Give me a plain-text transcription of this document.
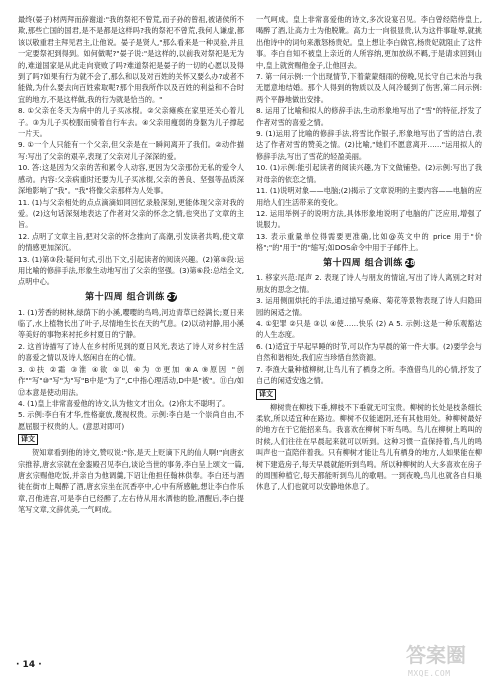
最终(晏子)材两拜而辞谢道:"我的祭祀不曾荒,而子孙的曾祖,被诸侯所不欺,那些亡国的国君,是不是都是这样吗?我的祭祀不曾荒,我何人谦虚,都该以敬重君主拜见君主,让他说。晏子是贤人,"那么看来是一种灵验,并且一定要祭祀到得到。如何做呢?"晏子说:"是这样的,以前我对祭祀是无为的,难道国家是从此走向衰败了吗?难道祭祀是晏子的一切的心愿以及得到了吗?如果有行为就不会了,那么和以及对百姓的关怀又要么办?或者不能做,为什么要去向百姓索取呢?那个用我所作以及百姓的利益和不合时宜的地方,不是这样做,我的行为就是恰当的。"

8. ①父亲在冬天为病中的儿子买冰棍。②父亲瘫痪在家里还关心着儿子。③为儿子买校服而骑着自行车去。④父亲用瘦弱的身躯为儿子撑起一片天。

9. ①一个人只能有一个父亲,但父亲是在一瞬间离开了我们。②动作描写:写出了父亲的艰辛,表现了父亲对儿子深深的爱。

10. 答:这是因为父亲的苦和累令人动容,更因为父亲那份无私的爱令人感动。内容:父亲病重时还要为儿子买冰棍,父亲的善良、坚强等品质深深地影响了"我"。"我"将像父亲那样为人处事。

11. (1)与父亲相处的点点滴滴如同回忆录般深刻,更能体现父亲对我的爱。(2)这句话深刻地表达了作者对父亲的怀念之情,也突出了文章的主旨。

12. 点明了文章主旨,把对父亲的怀念推向了高潮,引发读者共鸣,使文章的情感更加深沉。

13. (1)第③段:疑问句式,引出下文,引起读者的阅读兴趣。(2)第⑤段:运用比喻的修辞手法,形象生动地写出了父亲的坚强。(3)第⑥段:总结全文,点明中心。

第十四周 组合训练 27

1. (1)芳香的树林,绿荫下的小溪,嘤嘤的鸟鸣,河边青草已经满长;夏日来临了,水上植物长出了叶子,尽情地生长在天的气息。(2)以动衬静,用小溪等美好的事物来衬托乡村夏日的宁静。

2. 这首诗描写了诗人在乡村所见到的夏日风光,表达了诗人对乡村生活的喜爱之情以及诗人悠闲自在的心情。

3. ①扶 ②霜 ③淮 ④欲 ⑤以 ⑥为 ⑦更加 ⑧A ⑨原因 "创作""写"⑩"写"为"写"B中是"为了",C中指心理活动,D中是"被"。⑪白/如⑫本意是使动用法。

4. (1)皇上非常喜爱他的诗文,认为他文才出众。(2)你太不聪明了。

5. 示例:李白有才华,性格豪放,蔑视权贵。示例:李白是一个崇尚自由,不愿屈服于权贵的人。(意思对即可)

译文

贺知章看到他的诗文,赞叹说:"你,是天上贬谪下凡的仙人啊!"向唐玄宗推荐,唐玄宗就在金銮殿召见李白,谈论当世的事务,李白呈上颂文一篇,唐玄宗赐他吃饭,并亲自为他调羹,下诏让他担任翰林供奉。李白还与酒徒在街市上喝醉了酒,唐玄宗坐在沉香亭中,心中有所感触,想让李白作乐章,召他进宫,可是李白已经醉了,左右侍从用水洒他的脸,酒醒后,李白提笔写文章,文辞优美,一气呵成。

一气呵成。皇上非常喜爱他的诗文,多次设宴召见。李白曾经陪侍皇上,喝醉了酒,让高力士为他脱靴。高力士一向很显贵,认为这件事耻辱,就挑出他诗中的词句来激怒杨贵妃。皇上想让李白做官,杨贵妃就阻止了这件事。李白自知不被皇上亲近的人所容纳,更加放纵不羁,于是请求回到山中,皇上就赏赐他金子,让他回去。

7. 第一问示例:一个出现情节,下着蒙蒙细雨的傍晚,见长守自己未治与我无愿意地结婚。那个人得到的物质以及人间冷暖到了伤害,第二问示例:两个平静地做出安排。

8. 运用了比喻和拟人的修辞手法,生动形象地写出了"雪"的特征,抒发了作者对雪的喜爱之情。

9. (1)运用了比喻的修辞手法,将雪比作银子,形象地写出了雪的洁白,表达了作者对雪的赞美之情。(2)比喻,"她们不愿意离开……"运用拟人的修辞手法,写出了雪花的轻盈美丽。

10. (1)示例:能引起读者的阅读兴趣,为下文做铺垫。(2)示例:写出了我对母亲的依恋之情。

11. (1)说明对象——电脑;(2)揭示了文章说明的主要内容——电脑的应用给人们生活带来的变化。

12. 运用举例子的说明方法,具体形象地说明了电脑的广泛应用,增强了说服力。

13. 表示重量单位得需要更准确,比如@英文中的 price 用于"价格";"的"用于"的"缩写;如DOS命令中用于子邮件上。

第十四周 组合训练 28

1. 移家兴范:尾声 2. 表现了诗人与朋友的情谊,写出了诗人离别之时对朋友的思念之情。

3. 运用侧面烘托的手法,通过描写桑麻、菊花等景物表现了诗人归隐田园的闲适之情。

4. ①犯罪 ②只是 ③以 ④使……快乐 (2) A 5. 示例:这是一种乐观豁达的人生态度。

6. (1)适宜于早起早睡的时节,可以作为早晨的第一件大事。(2)要学会与自然和谐相处,我们应当珍惜自然资源。

7. 李渔大量种植柳树,让鸟儿有了栖身之所。李渔借鸟儿的心情,抒发了自己的闲适安逸之情。

译文

柳树贵在柳枝下垂,柳枝不下垂就无可宝贵。柳树的长处是枝条细长柔软,所以适宜种在路边。柳树不仅能遮阴,还有其他用处。种柳树最好的地方在于它能招来鸟。我喜欢在柳树下听鸟鸣。鸟儿在柳树上鸣叫的时候,人们往往在早晨起来就可以听到。这种习惯一直保持着,鸟儿的鸣叫声也一直陪伴着我。只有柳树才能让鸟儿有栖身的地方,人如果能在柳树下建造房子,每天早晨就能听到鸟鸣。所以种柳树的人大多喜欢在房子的周围种植它,每天都能听到鸟儿的歌唱。一到夜晚,鸟儿也就各自归巢休息了,人们也就可以安静地休息了。

· 14 ·	答案圈
MXQE.COM
